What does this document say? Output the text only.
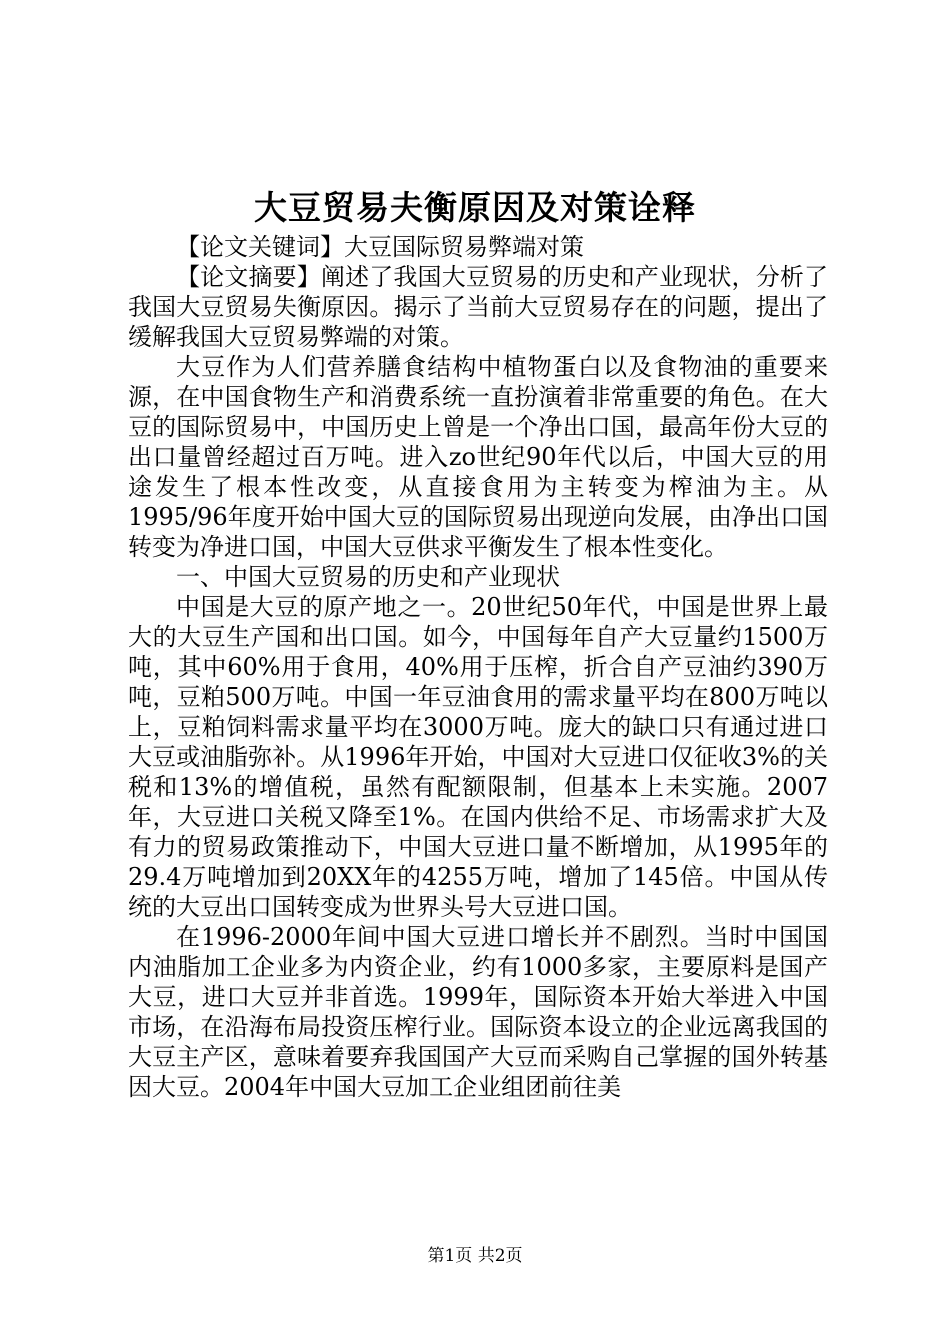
大豆贸易夫衡原因及对策诠释

【论文关键词】大豆国际贸易弊端对策

【论文摘要】阐述了我国大豆贸易的历史和产业现状，分析了我国大豆贸易失衡原因。揭示了当前大豆贸易存在的问题，提出了缓解我国大豆贸易弊端的对策。

大豆作为人们营养膳食结构中植物蛋白以及食物油的重要来源，在中国食物生产和消费系统一直扮演着非常重要的角色。在大豆的国际贸易中，中国历史上曾是一个净出口国，最高年份大豆的出口量曾经超过百万吨。进入zo世纪90年代以后，中国大豆的用途发生了根本性改变，从直接食用为主转变为榨油为主。从1995/96年度开始中国大豆的国际贸易出现逆向发展，由净出口国转变为净进口国，中国大豆供求平衡发生了根本性变化。

一、中国大豆贸易的历史和产业现状

中国是大豆的原产地之一。20世纪50年代，中国是世界上最大的大豆生产国和出口国。如今，中国每年自产大豆量约1500万吨，其中60%用于食用，40%用于压榨，折合自产豆油约390万吨，豆粕500万吨。中国一年豆油食用的需求量平均在800万吨以上，豆粕饲料需求量平均在3000万吨。庞大的缺口只有通过进口大豆或油脂弥补。从1996年开始，中国对大豆进口仅征收3%的关税和13%的增值税，虽然有配额限制，但基本上未实施。2007年，大豆进口关税又降至1%。在国内供给不足、市场需求扩大及有力的贸易政策推动下，中国大豆进口量不断增加，从1995年的29.4万吨增加到20XX年的4255万吨，增加了145倍。中国从传统的大豆出口国转变成为世界头号大豆进口国。

在1996-2000年间中国大豆进口增长并不剧烈。当时中国国内油脂加工企业多为内资企业，约有1000多家，主要原料是国产大豆，进口大豆并非首选。1999年，国际资本开始大举进入中国市场，在沿海布局投资压榨行业。国际资本设立的企业远离我国的大豆主产区，意味着要弃我国国产大豆而采购自己掌握的国外转基因大豆。2004年中国大豆加工企业组团前往美

第1页 共2页
